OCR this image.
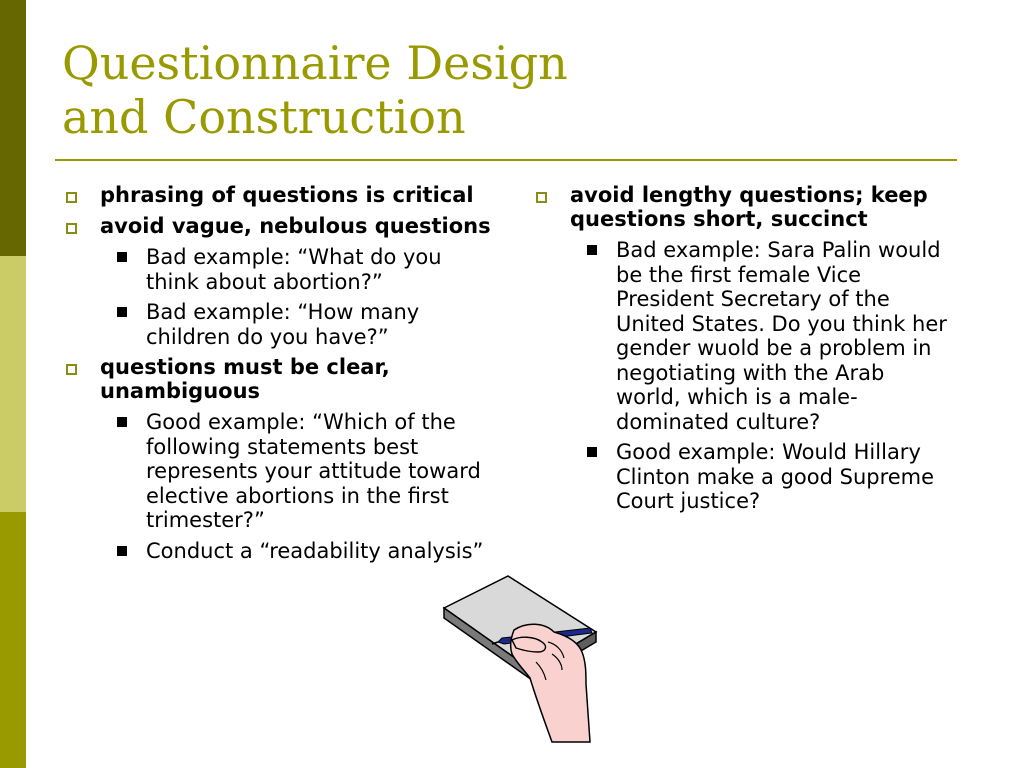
Questionnaire Design
and Construction
phrasing of questions is critical
avoid vague, nebulous questions
Bad example: “What do you think about abortion?”
Bad example: “How many children do you have?”
questions must be clear, unambiguous
Good example: “Which of the following statements best represents your attitude toward elective abortions in the first trimester?”
Conduct a “readability analysis”
avoid lengthy questions; keep questions short, succinct
Bad example: Sara Palin would be the first female Vice President Secretary of the United States. Do you think her gender wuold be a problem in negotiating with the Arab world, which is a male-dominated culture?
Good example: Would Hillary Clinton make a good Supreme Court justice?
